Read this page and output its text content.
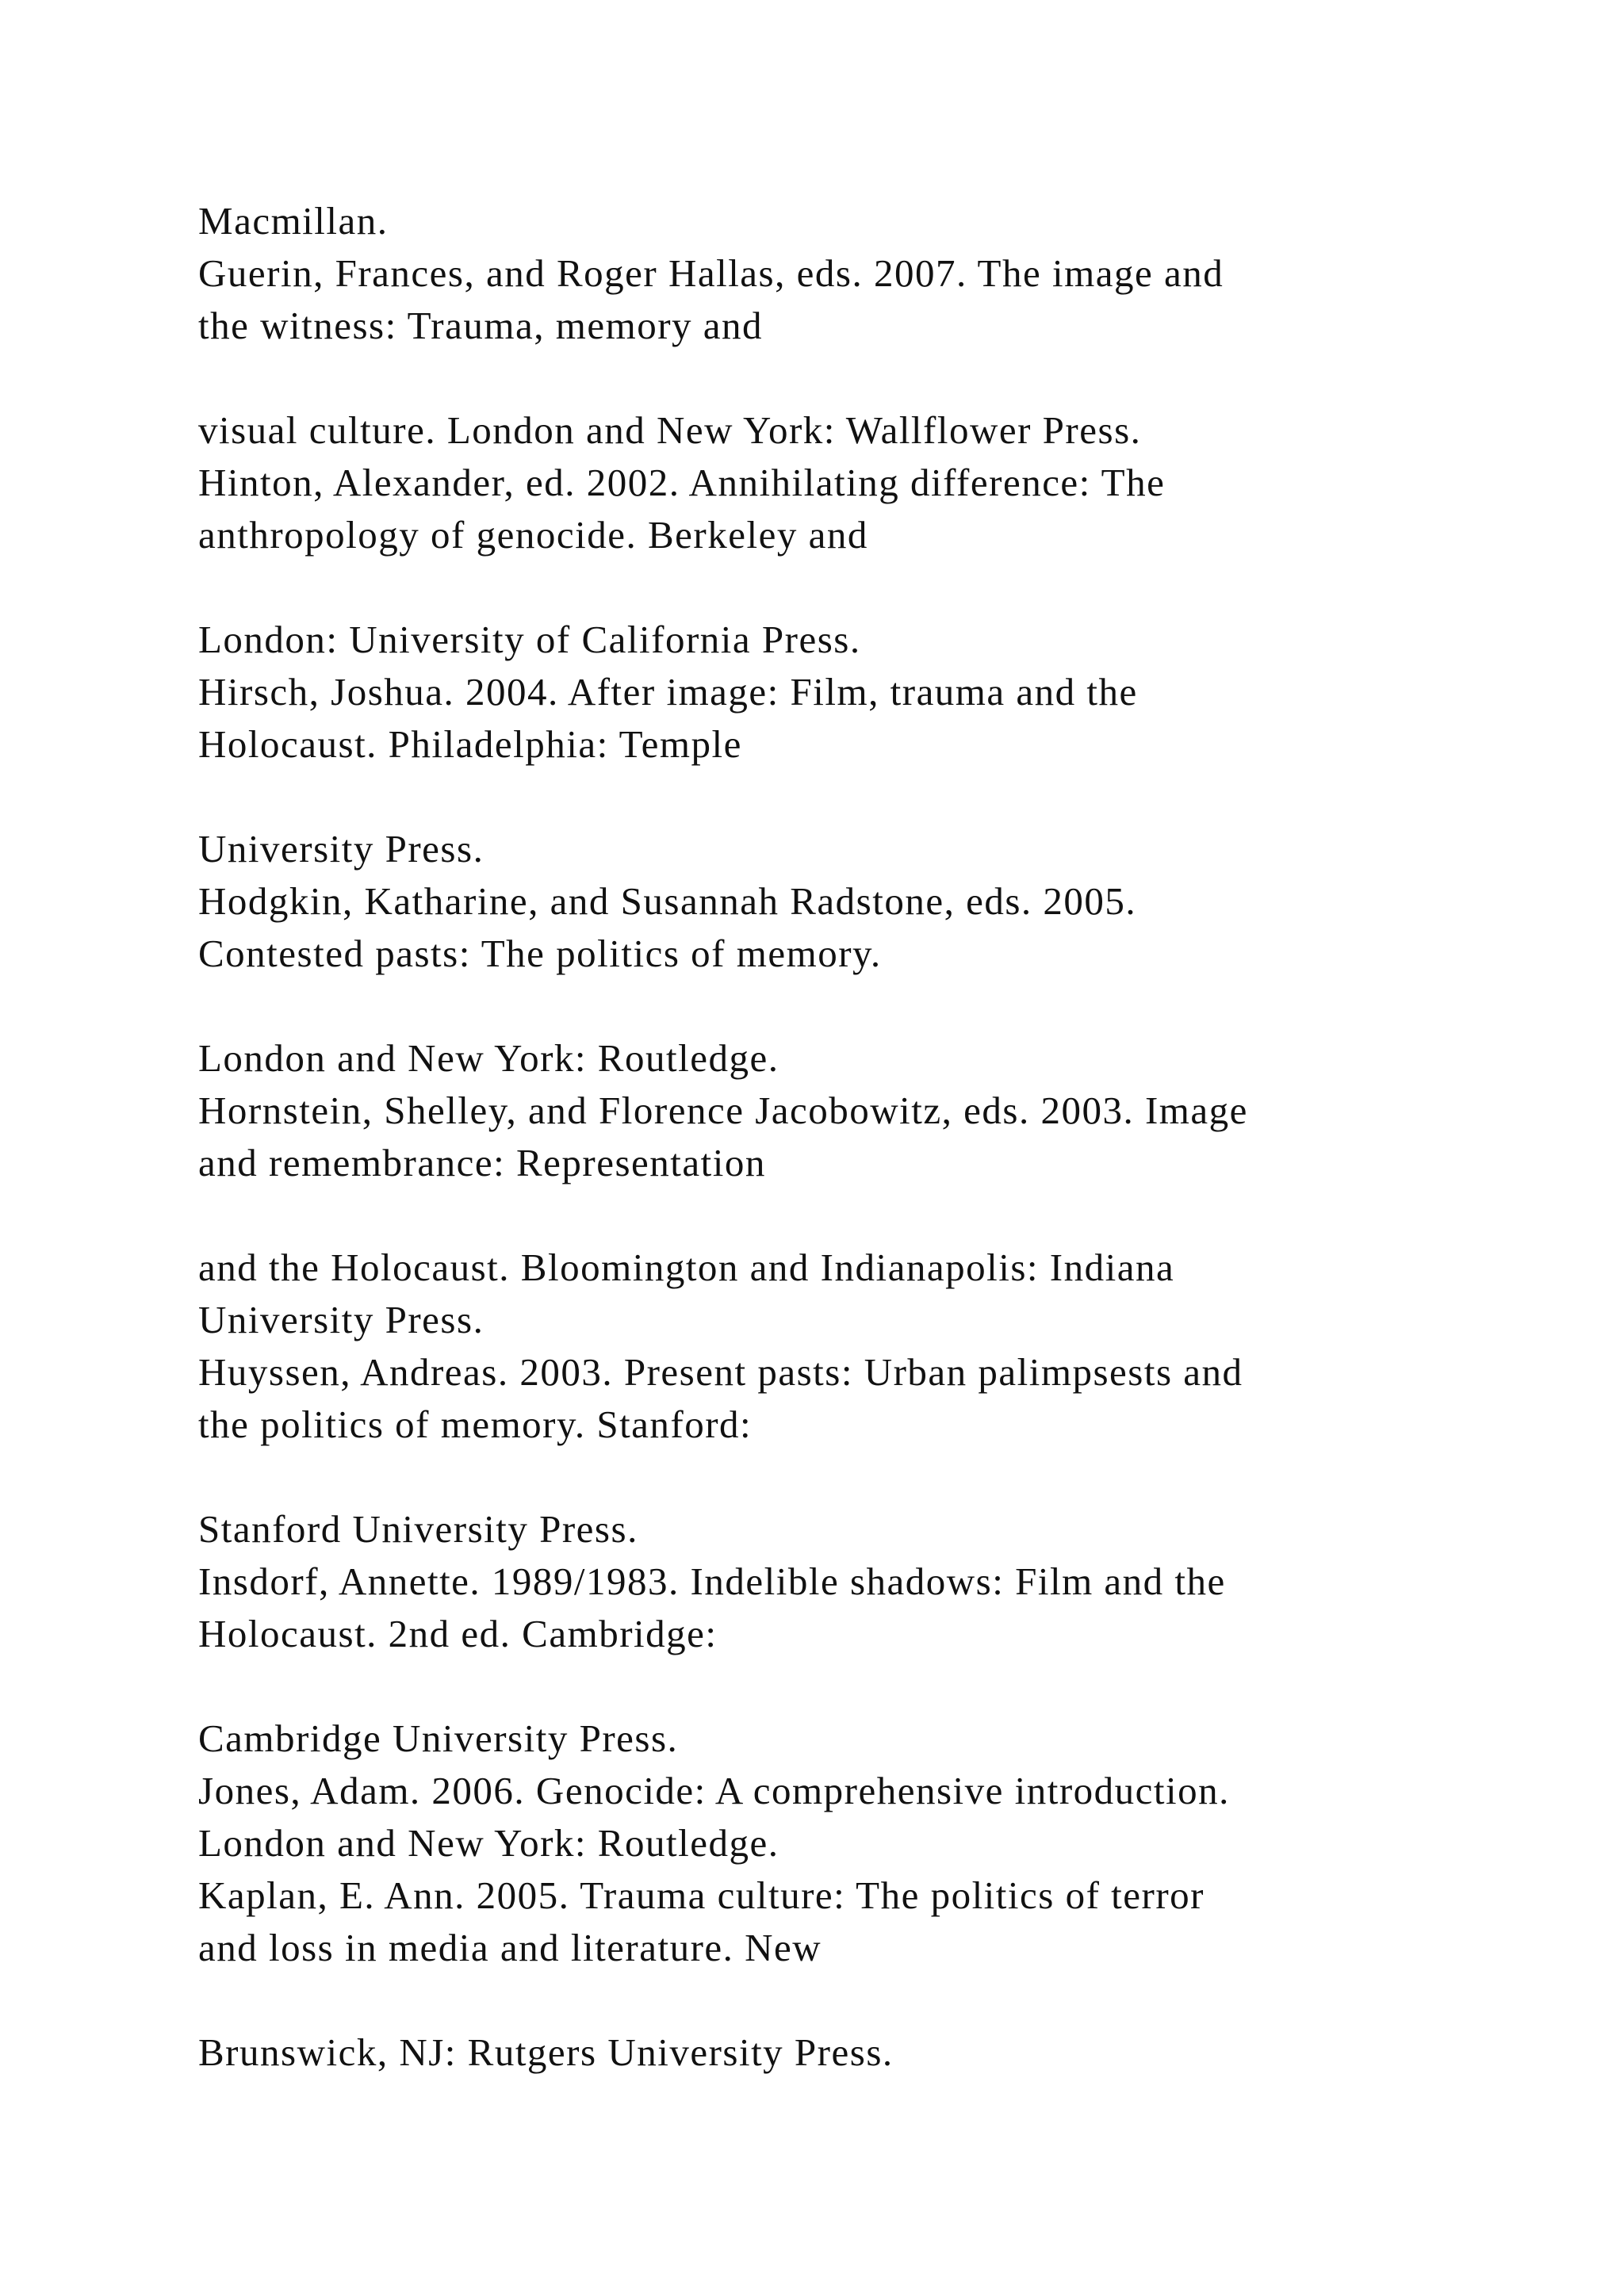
Macmillan.
Guerin, Frances, and Roger Hallas, eds. 2007. The image and
the witness: Trauma, memory and
visual culture. London and New York: Wallflower Press.
Hinton, Alexander, ed. 2002. Annihilating difference: The
anthropology of genocide. Berkeley and
London: University of California Press.
Hirsch, Joshua. 2004. After image: Film, trauma and the
Holocaust. Philadelphia: Temple
University Press.
Hodgkin, Katharine, and Susannah Radstone, eds. 2005.
Contested pasts: The politics of memory.
London and New York: Routledge.
Hornstein, Shelley, and Florence Jacobowitz, eds. 2003. Image
and remembrance: Representation
and the Holocaust. Bloomington and Indianapolis: Indiana
University Press.
Huyssen, Andreas. 2003. Present pasts: Urban palimpsests and
the politics of memory. Stanford:
Stanford University Press.
Insdorf, Annette. 1989/1983. Indelible shadows: Film and the
Holocaust. 2nd ed. Cambridge:
Cambridge University Press.
Jones, Adam. 2006. Genocide: A comprehensive introduction.
London and New York: Routledge.
Kaplan, E. Ann. 2005. Trauma culture: The politics of terror
and loss in media and literature. New
Brunswick, NJ: Rutgers University Press.
